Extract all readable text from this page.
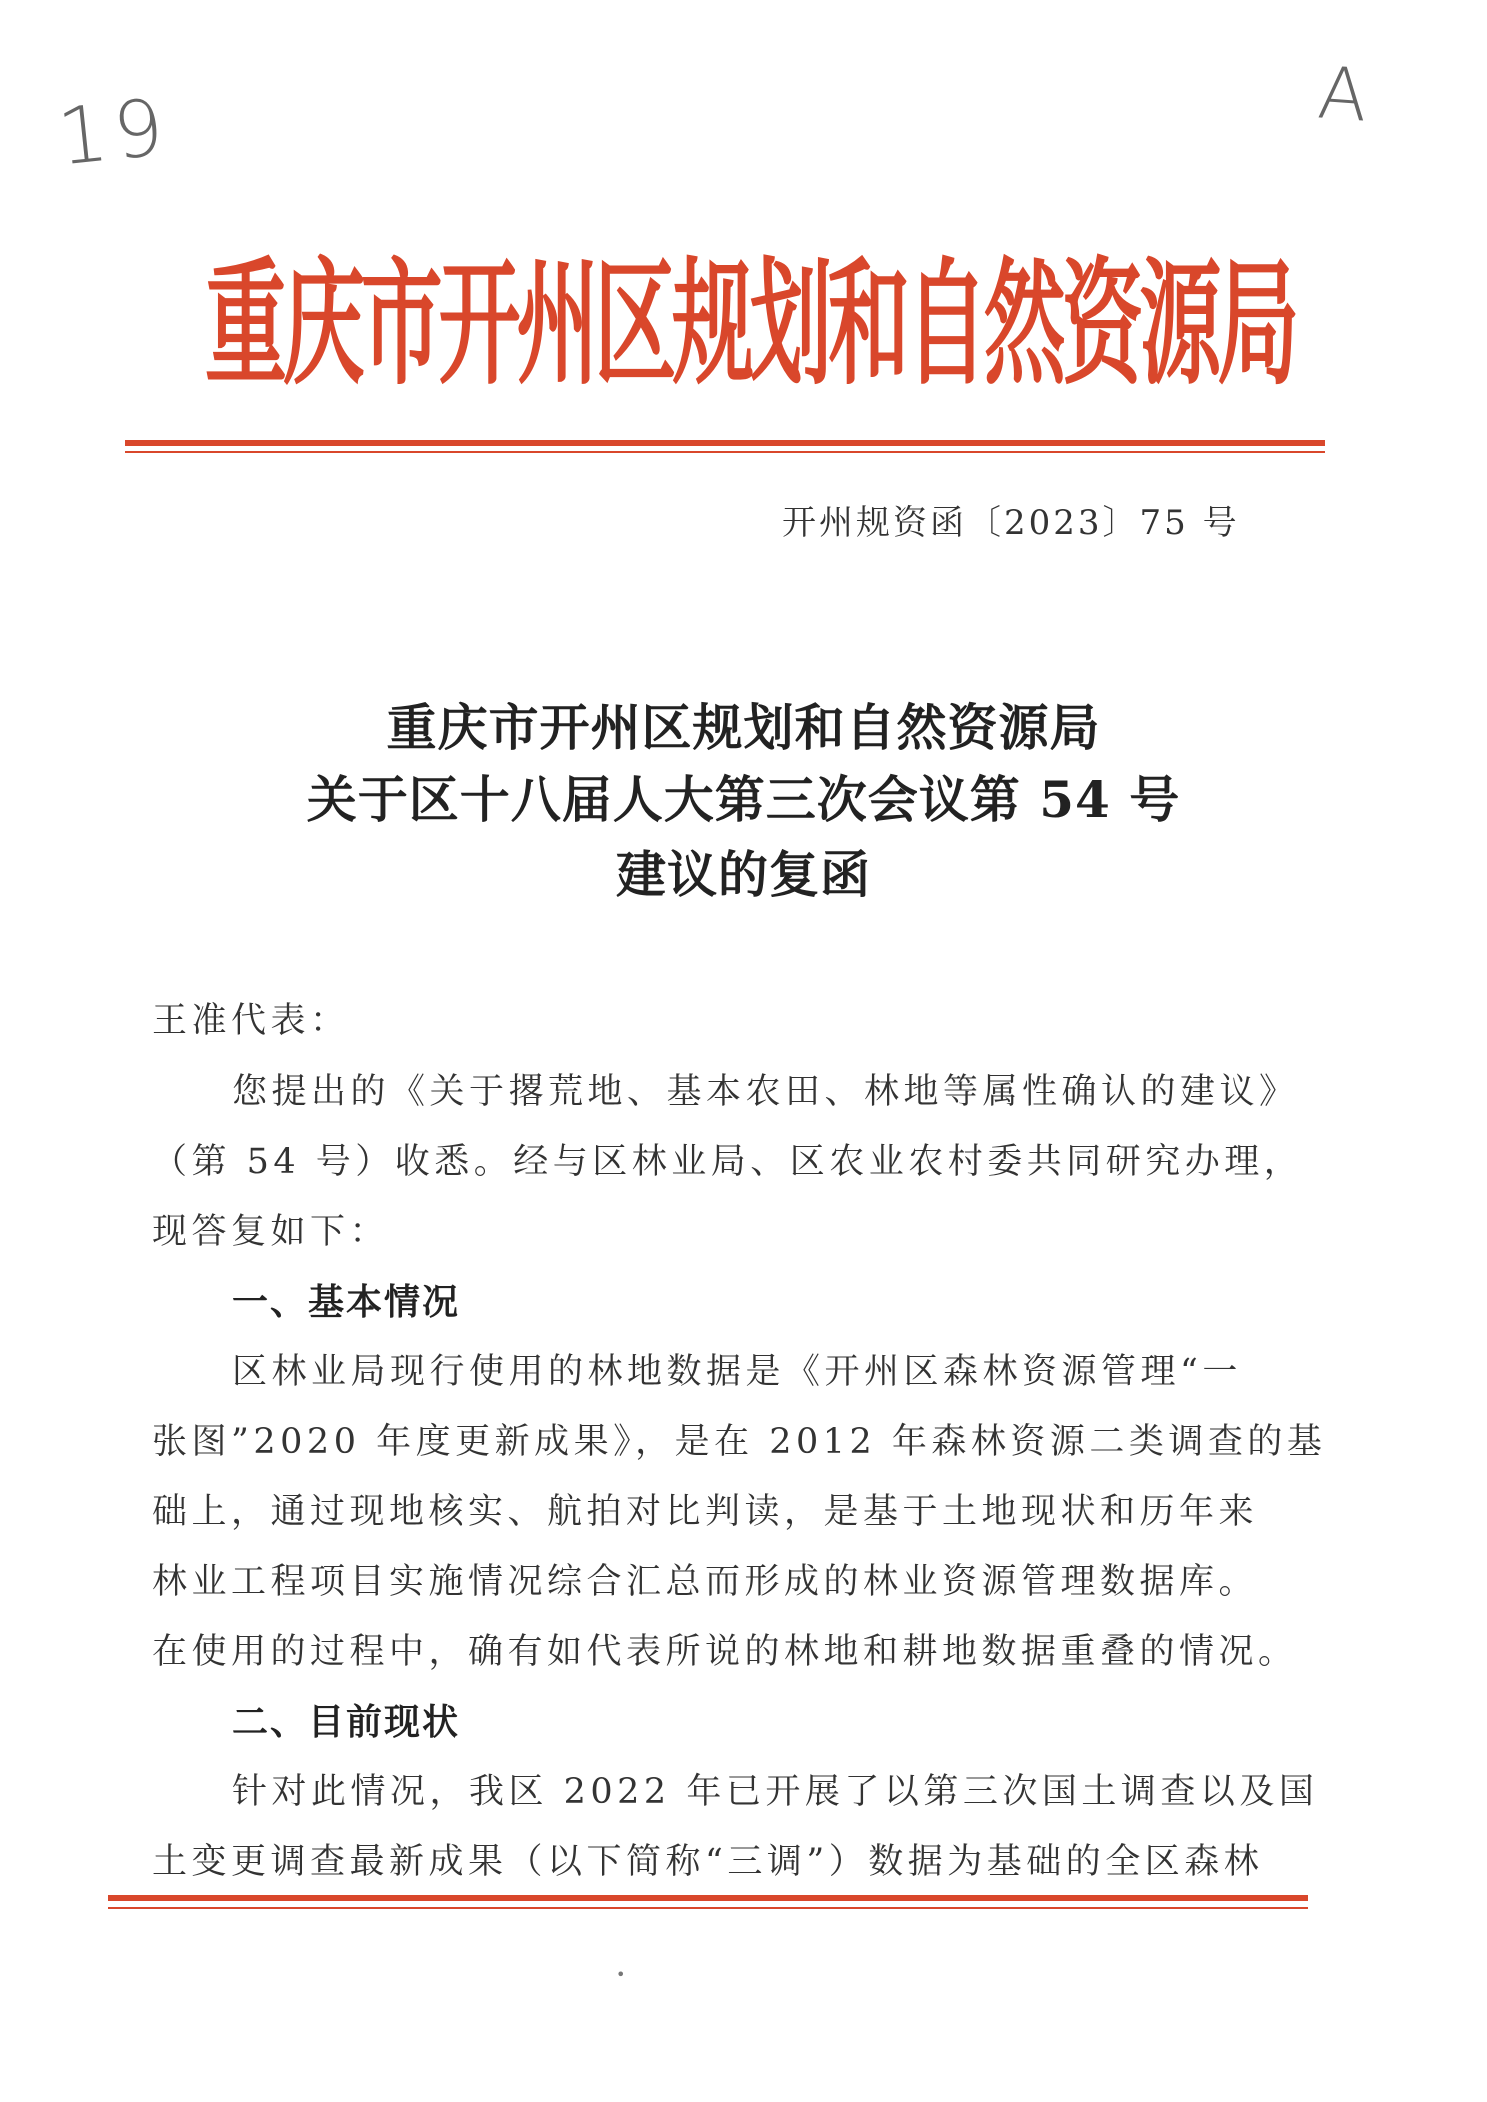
19	A
重庆市开州区规划和自然资源局
开州规资函〔2023〕75 号
重庆市开州区规划和自然资源局
关于区十八届人大第三次会议第 54 号
建议的复函
王准代表：
您提出的《关于撂荒地、基本农田、林地等属性确认的建议》
（第 54 号）收悉。经与区林业局、区农业农村委共同研究办理，
现答复如下：
一、基本情况
区林业局现行使用的林地数据是《开州区森林资源管理“一
张图”2020 年度更新成果》，是在 2012 年森林资源二类调查的基
础上，通过现地核实、航拍对比判读，是基于土地现状和历年来
林业工程项目实施情况综合汇总而形成的林业资源管理数据库。
在使用的过程中，确有如代表所说的林地和耕地数据重叠的情况。
二、目前现状
针对此情况，我区 2022 年已开展了以第三次国土调查以及国
土变更调查最新成果（以下简称“三调”）数据为基础的全区森林
•
